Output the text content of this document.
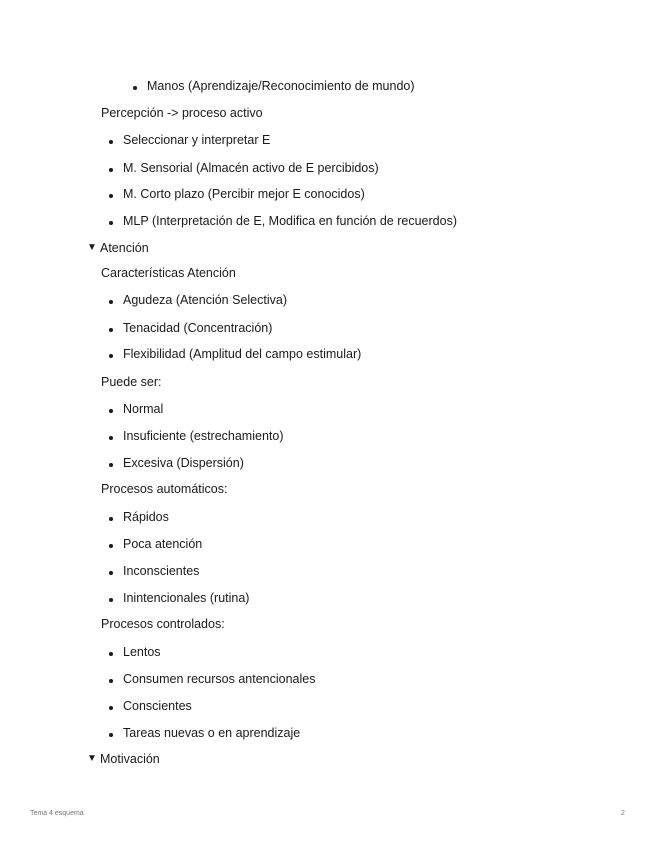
Manos (Aprendizaje/Reconocimiento de mundo)
Percepción -> proceso activo
Seleccionar y interpretar E
M. Sensorial (Almacén activo de E percibidos)
M. Corto plazo (Percibir mejor E conocidos)
MLP (Interpretación de E, Modifica en función de recuerdos)
▼ Atención
Características Atención
Agudeza (Atención Selectiva)
Tenacidad (Concentración)
Flexibilidad (Amplitud del campo estimular)
Puede ser:
Normal
Insuficiente (estrechamiento)
Excesiva (Dispersión)
Procesos automáticos:
Rápidos
Poca atención
Inconscientes
Inintencionales (rutina)
Procesos controlados:
Lentos
Consumen recursos antencionales
Conscientes
Tareas nuevas o en aprendizaje
▼ Motivación
Tema 4 esquema	2
